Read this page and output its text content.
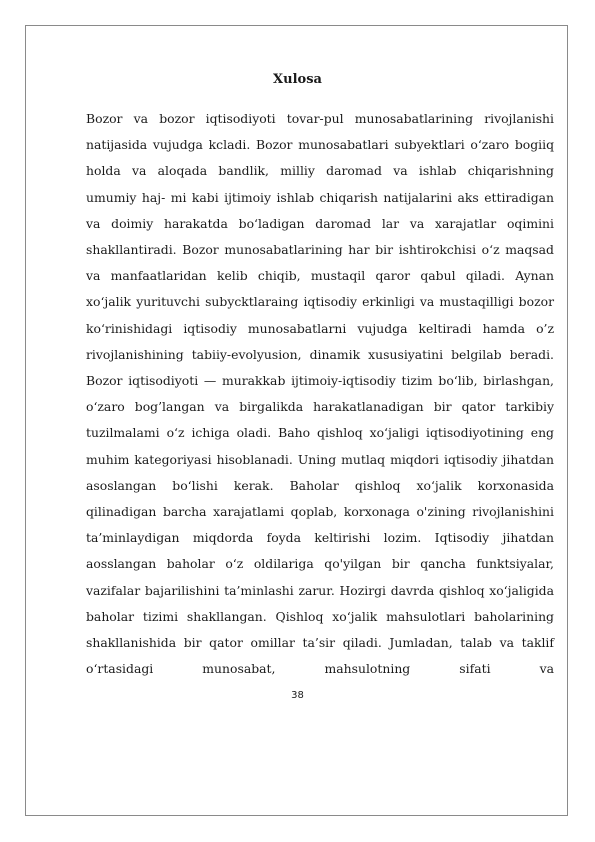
Xulosa

Bozor va bozor iqtisodiyoti tovar-pul munosabatlarining rivojlanishi natijasida vujudga kcladi. Bozor munosabatlari subyektlari o‘zaro bogiiq holda va aloqada bandlik, milliy daromad va ishlab chiqarishning umumiy haj- mi kabi ijtimoiy ishlab chiqarish natijalarini aks ettiradigan va doimiy harakatda bo‘ladigan daromad lar va xarajatlar oqimini shakllantiradi. Bozor munosabatlarining har bir ishtirokchisi o‘z maqsad va manfaatlaridan kelib chiqib, mustaqil qaror qabul qiladi. Aynan xo‘jalik yurituvchi subycktlaraing iqtisodiy erkinligi va mustaqilligi bozor ko‘rinishidagi iqtisodiy munosabatlarni vujudga keltiradi hamda o’z rivojlanishining tabiiy-evolyusion, dinamik xususiyatini belgilab beradi. Bozor iqtisodiyoti — murakkab ijtimoiy-iqtisodiy tizim bo‘lib, birlashgan, o‘zaro bog’langan va birgalikda harakatlanadigan bir qator tarkibiy tuzilmalami o‘z ichiga oladi. Baho qishloq xo‘jaligi iqtisodiyotining eng muhim kategoriyasi hisoblanadi. Uning mutlaq miqdori iqtisodiy jihatdan asoslangan bo‘lishi kerak. Baholar qishloq xo‘jalik korxonasida qilinadigan barcha xarajatlami qoplab, korxonaga o'zining rivojlanishini ta’minlaydigan miqdorda foyda keltirishi lozim. Iqtisodiy jihatdan aosslangan baholar o‘z oldilariga qo'yilgan bir qancha funktsiyalar, vazifalar bajarilishini ta’minlashi zarur. Hozirgi davrda qishloq xo‘jaligida baholar tizimi shakllangan. Qishloq xo‘jalik mahsulotlari baholarining shakllanishida bir qator omillar ta’sir qiladi. Jumladan, talab va taklif o‘rtasidagi munosabat, mahsulotning sifati va

38
